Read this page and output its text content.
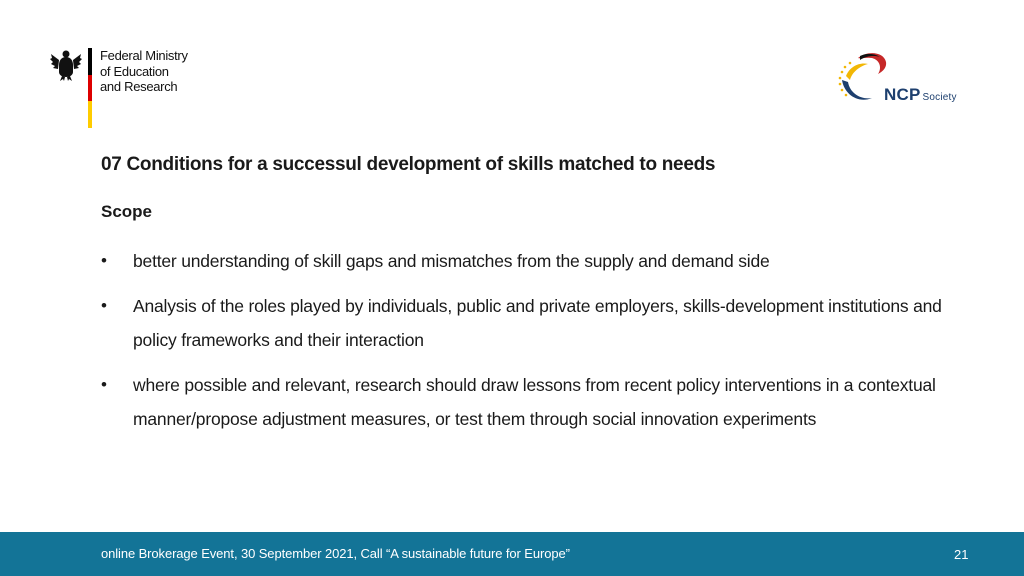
Federal Ministry
of Education
and Research	NCP Society
07 Conditions for a successul development of skills matched to needs
Scope
•	better understanding of skill gaps and mismatches from the supply and demand side
•	Analysis of the roles played by individuals, public and private employers, skills-development institutions and policy frameworks and their interaction
•	where possible and relevant, research should draw lessons from recent policy interventions in a contextual manner/propose adjustment measures, or test them through social innovation experiments
online Brokerage Event, 30 September 2021, Call “A sustainable future for Europe”	21
